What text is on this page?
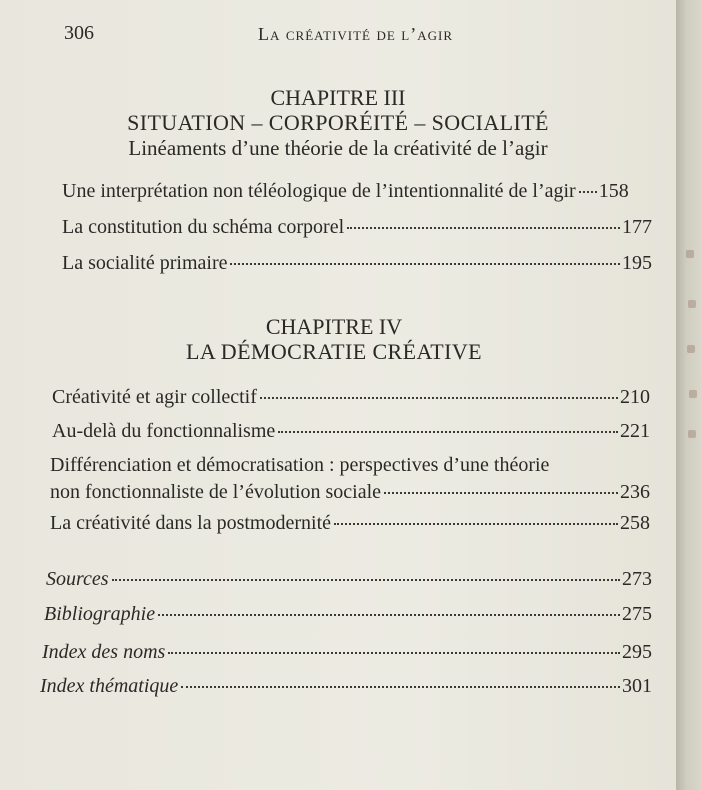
306	La créativité de l’agir
CHAPITRE III
SITUATION – CORPORÉITÉ – SOCIALITÉ
Linéaments d’une théorie de la créativité de l’agir
Une interprétation non téléologique de l’intentionnalité de l’agir 158
La constitution du schéma corporel	177
La socialité primaire	195
CHAPITRE IV
LA DÉMOCRATIE CRÉATIVE
Créativité et agir collectif	210
Au-delà du fonctionnalisme	221
Différenciation et démocratisation : perspectives d’une théorie
non fonctionnaliste de l’évolution sociale	236
La créativité dans la postmodernité	258
Sources	273
Bibliographie	275
Index des noms	295
Index thématique	301
